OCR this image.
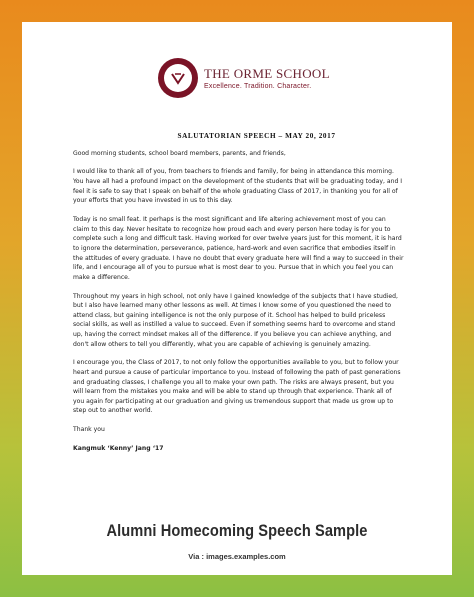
THE ORME SCHOOL
Excellence. Tradition. Character.
SALUTATORIAN SPEECH – MAY 20, 2017

Good morning students, school board members, parents, and friends,

I would like to thank all of you, from teachers to friends and family, for being in attendance this morning. You have all had a profound impact on the development of the students that will be graduating today, and I feel it is safe to say that I speak on behalf of the whole graduating Class of 2017, in thanking you for all of your efforts that you have invested in us to this day.

Today is no small feat. It perhaps is the most significant and life altering achievement most of you can claim to this day. Never hesitate to recognize how proud each and every person here today is for you to complete such a long and difficult task. Having worked for over twelve years just for this moment, it is hard to ignore the determination, perseverance, patience, hard-work and even sacrifice that embodies itself in the attitudes of every graduate. I have no doubt that every graduate here will find a way to succeed in their life, and I encourage all of you to pursue what is most dear to you. Pursue that in which you feel you can make a difference.

Throughout my years in high school, not only have I gained knowledge of the subjects that I have studied, but I also have learned many other lessons as well. At times I know some of you questioned the need to attend class, but gaining intelligence is not the only purpose of it. School has helped to build priceless social skills, as well as instilled a value to succeed. Even if something seems hard to overcome and stand up, having the correct mindset makes all of the difference. If you believe you can achieve anything, and don't allow others to tell you differently, what you are capable of achieving is genuinely amazing.

I encourage you, the Class of 2017, to not only follow the opportunities available to you, but to follow your heart and pursue a cause of particular importance to you. Instead of following the path of past generations and graduating classes, I challenge you all to make your own path. The risks are always present, but you will learn from the mistakes you make and will be able to stand up through that experience. Thank all of you again for participating at our graduation and giving us tremendous support that made us grow up to step out to another world.

Thank you

Kangmuk ‘Kenny’ Jang ‘17

Alumni Homecoming Speech Sample
Via : images.examples.com
